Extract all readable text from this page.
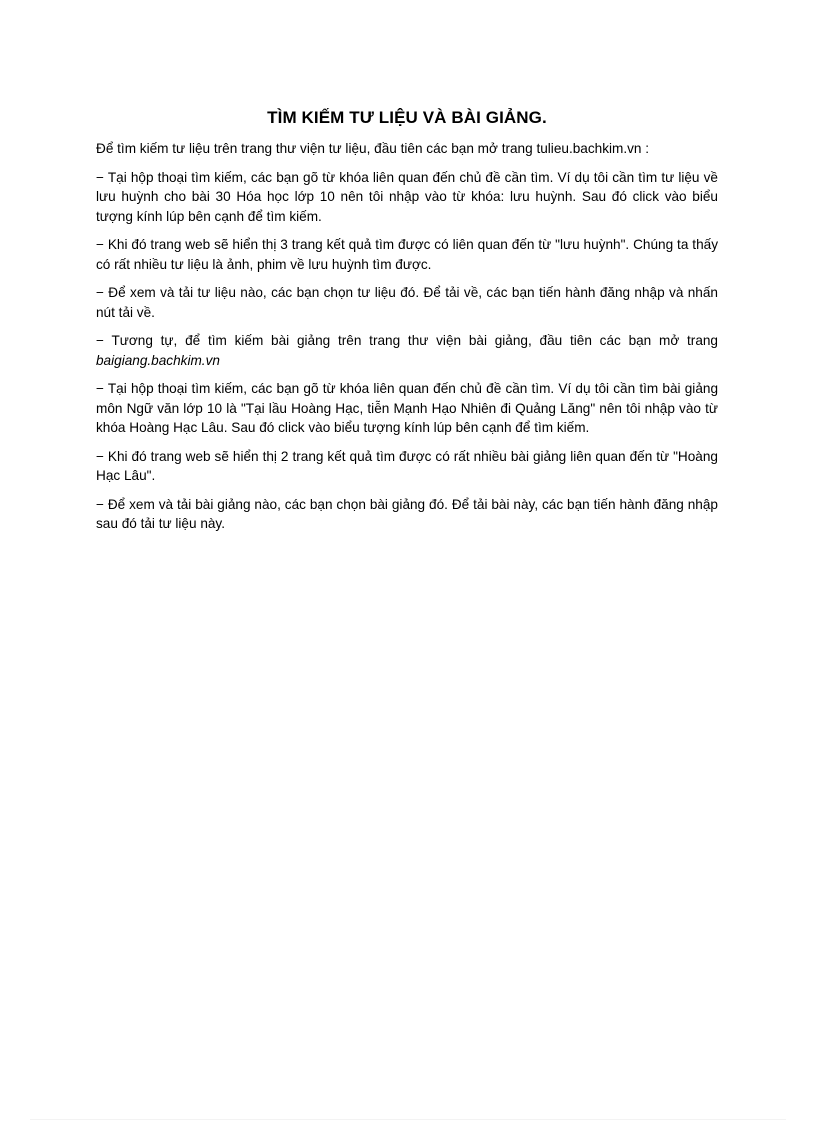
TÌM KIẾM TƯ LIỆU VÀ BÀI GIẢNG.

Để tìm kiếm tư liệu trên trang thư viện tư liệu, đầu tiên các bạn mở trang tulieu.bachkim.vn :

− Tại hộp thoại tìm kiếm, các bạn gõ từ khóa liên quan đến chủ đề cần tìm. Ví dụ tôi cần tìm tư liệu về lưu huỳnh cho bài 30 Hóa học lớp 10 nên tôi nhập vào từ khóa: lưu huỳnh. Sau đó click vào biểu tượng kính lúp bên cạnh để tìm kiếm.

− Khi đó trang web sẽ hiển thị 3 trang kết quả tìm được có liên quan đến từ "lưu huỳnh". Chúng ta thấy có rất nhiều tư liệu là ảnh, phim về lưu huỳnh tìm được.

− Để xem và tải tư liệu nào, các bạn chọn tư liệu đó. Để tải về, các bạn tiến hành đăng nhập và nhấn nút tải về.

− Tương tự, để tìm kiếm bài giảng trên trang thư viện bài giảng, đầu tiên các bạn mở trang baigiang.bachkim.vn

− Tại hộp thoại tìm kiếm, các bạn gõ từ khóa liên quan đến chủ đề cần tìm. Ví dụ tôi cần tìm bài giảng môn Ngữ văn lớp 10 là "Tại lầu Hoàng Hạc, tiễn Mạnh Hạo Nhiên đi Quảng Lăng" nên tôi nhập vào từ khóa Hoàng Hạc Lâu. Sau đó click vào biểu tượng kính lúp bên cạnh để tìm kiếm.

− Khi đó trang web sẽ hiển thị 2 trang kết quả tìm được có rất nhiều bài giảng liên quan đến từ "Hoàng Hạc Lâu".

− Để xem và tải bài giảng nào, các bạn chọn bài giảng đó. Để tải bài này, các bạn tiến hành đăng nhập sau đó tải tư liệu này.
